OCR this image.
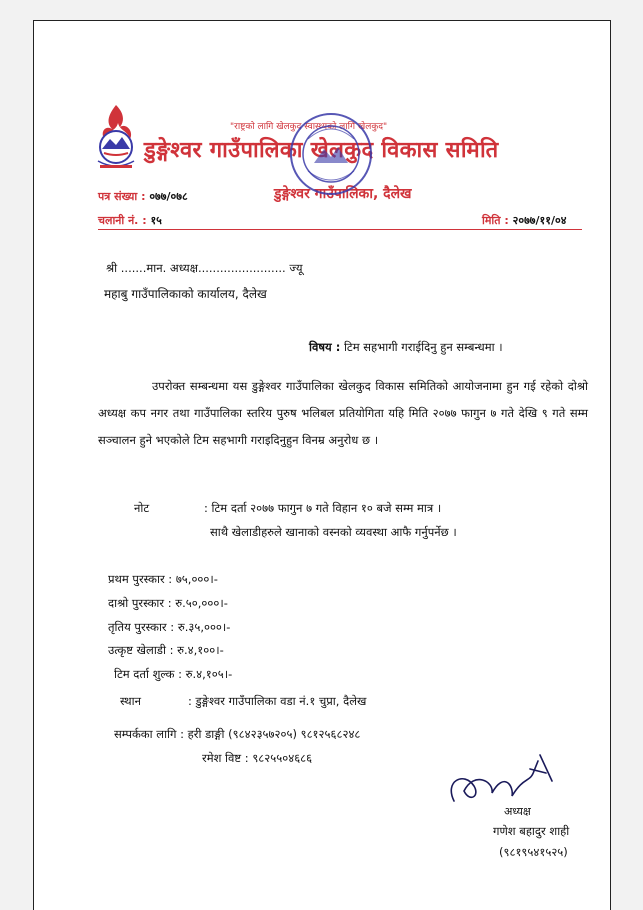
"राष्ट्रको लागि खेलकुद स्वास्थ्यको लागि खेलकुद"
डुङ्गेश्वर गाउँपालिका खेलकुद विकास समिति
डुङ्गेश्वर गाउँपालिका, दैलेख
पत्र संख्या : ०७७/०७८
चलानी नं. : १५	मिति : २०७७/११/०४
श्री .......मान. अध्यक्ष........................ ज्यू
महाबु गाउँपालिकाको कार्यालय, दैलेख
विषय : टिम सहभागी गराईदिनु हुन सम्बन्धमा ।
उपरोक्त सम्बन्धमा यस डुङ्गेश्वर गाउँपालिका खेलकुद विकास समितिको आयोजनामा हुन गई रहेको दोश्रो अध्यक्ष कप नगर तथा गाउँपालिका स्तरिय पुरुष भलिबल प्रतियोगिता यहि मिति २०७७ फागुन ७ गते देखि ९ गते सम्म सञ्चालन हुने भएकोले टिम सहभागी गराइदिनुहुन विनम्र अनुरोध छ ।
नोट	: टिम दर्ता २०७७ फागुन ७ गते विहान १० बजे सम्म मात्र ।
साथै खेलाडीहरुले खानाको वस्नको व्यवस्था आफै गर्नुपर्नेछ ।
प्रथम पुरस्कार : ७५,०००।-
दाश्रो पुरस्कार : रु.५०,०००।-
तृतिय पुरस्कार : रु.३५,०००।-
उत्कृष्ट खेलाडी : रु.४,१००।-
टिम दर्ता शुल्क : रु.४,१०५।-
स्थान	: डुङ्गेश्वर गाउँपालिका वडा नं.१ चुप्रा, दैलेख
सम्पर्कका लागि : हरी डाङ्गी (९८४२३५७२०५) ९८१२५६८२४८
रमेश विष्ट : ९८२५५०४६८६
अध्यक्ष
गणेश बहादुर शाही
(९८१९५४१५२५)
